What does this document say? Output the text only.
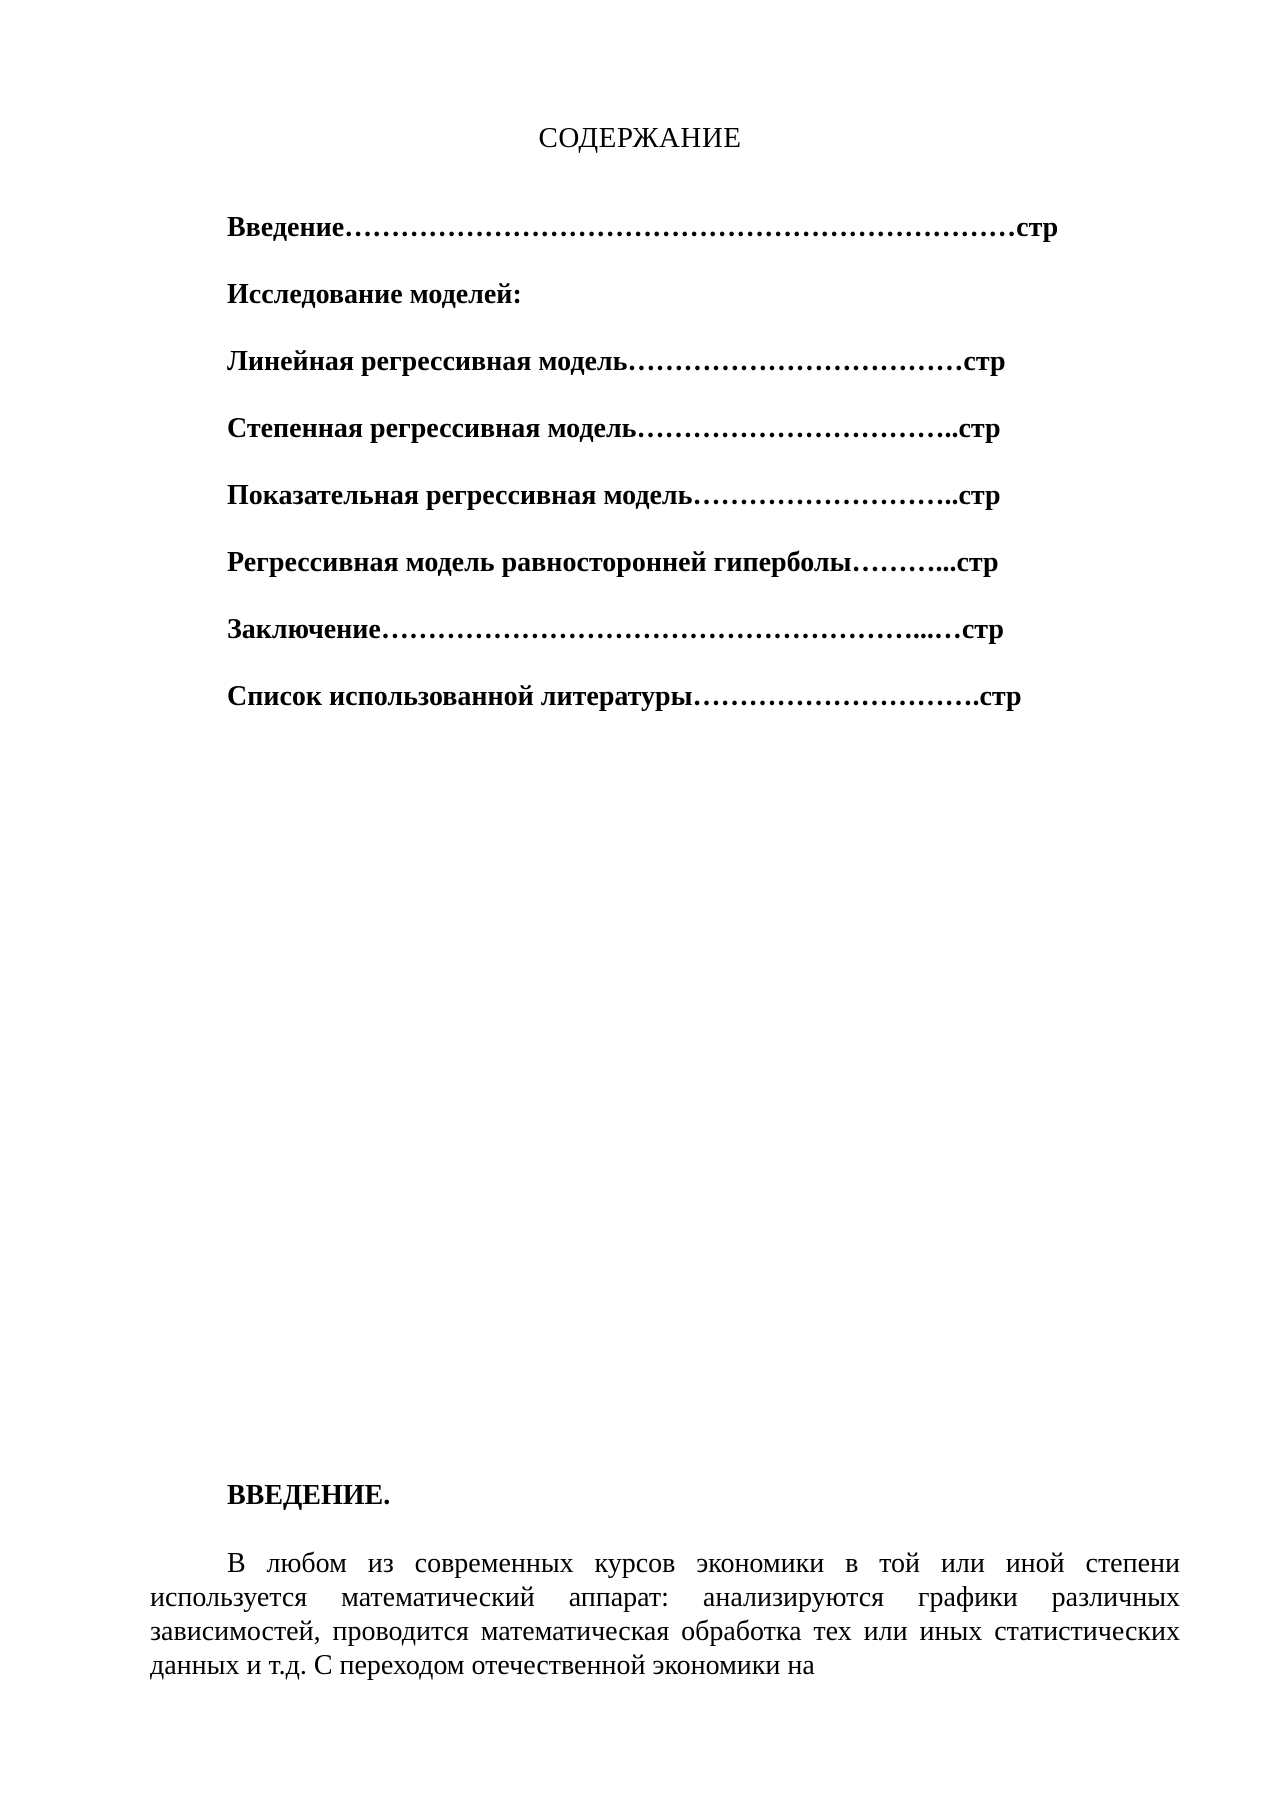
СОДЕРЖАНИЕ

Введение………………………………………………………………стр

Исследование моделей:

Линейная регрессивная модель………………………………стр

Степенная регрессивная модель……………………………..стр

Показательная регрессивная модель………………………..стр

Регрессивная модель равносторонней гиперболы………...стр

Заключение…………………………………………………...…стр

Список использованной литературы………………………….стр

ВВЕДЕНИЕ.

В любом из современных курсов экономики в той или иной степени используется математический аппарат: анализируются графики различных зависимостей, проводится математическая обработка тех или иных статистических данных и т.д. С переходом отечественной экономики на
